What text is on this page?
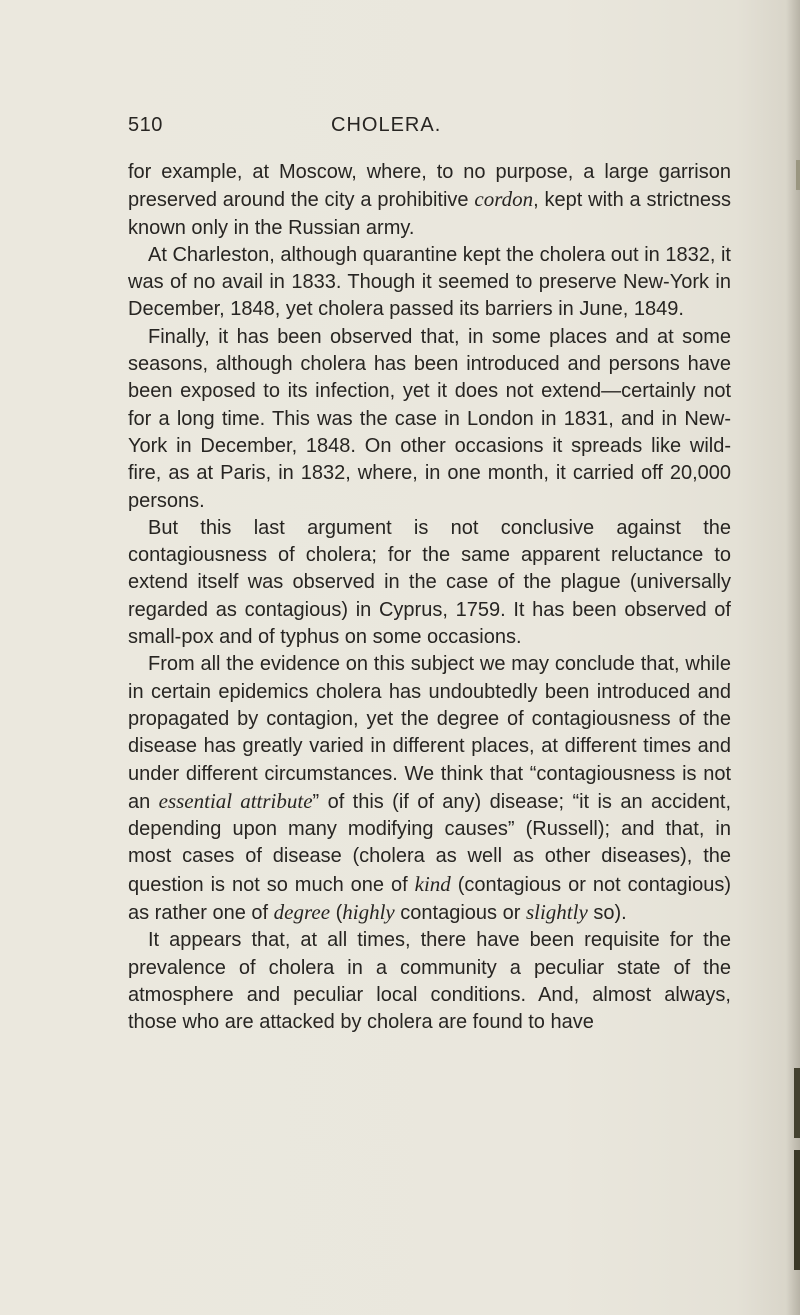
510	CHOLERA.

for example, at Moscow, where, to no purpose, a large garrison preserved around the city a prohibitive cordon, kept with a strictness known only in the Russian army.

At Charleston, although quarantine kept the cholera out in 1832, it was of no avail in 1833. Though it seemed to preserve New-York in December, 1848, yet cholera passed its barriers in June, 1849.

Finally, it has been observed that, in some places and at some seasons, although cholera has been introduced and persons have been exposed to its infection, yet it does not extend—certainly not for a long time. This was the case in London in 1831, and in New-York in December, 1848. On other occasions it spreads like wild-fire, as at Paris, in 1832, where, in one month, it carried off 20,000 persons.

But this last argument is not conclusive against the contagiousness of cholera; for the same apparent reluctance to extend itself was observed in the case of the plague (universally regarded as contagious) in Cyprus, 1759. It has been observed of small-pox and of typhus on some occasions.

From all the evidence on this subject we may conclude that, while in certain epidemics cholera has undoubtedly been introduced and propagated by contagion, yet the degree of contagiousness of the disease has greatly varied in different places, at different times and under different circumstances. We think that “contagiousness is not an essential attribute” of this (if of any) disease; “it is an accident, depending upon many modifying causes” (Russell); and that, in most cases of disease (cholera as well as other diseases), the question is not so much one of kind (contagious or not contagious) as rather one of degree (highly contagious or slightly so).

It appears that, at all times, there have been requisite for the prevalence of cholera in a community a peculiar state of the atmosphere and peculiar local conditions. And, almost always, those who are attacked by cholera are found to have
